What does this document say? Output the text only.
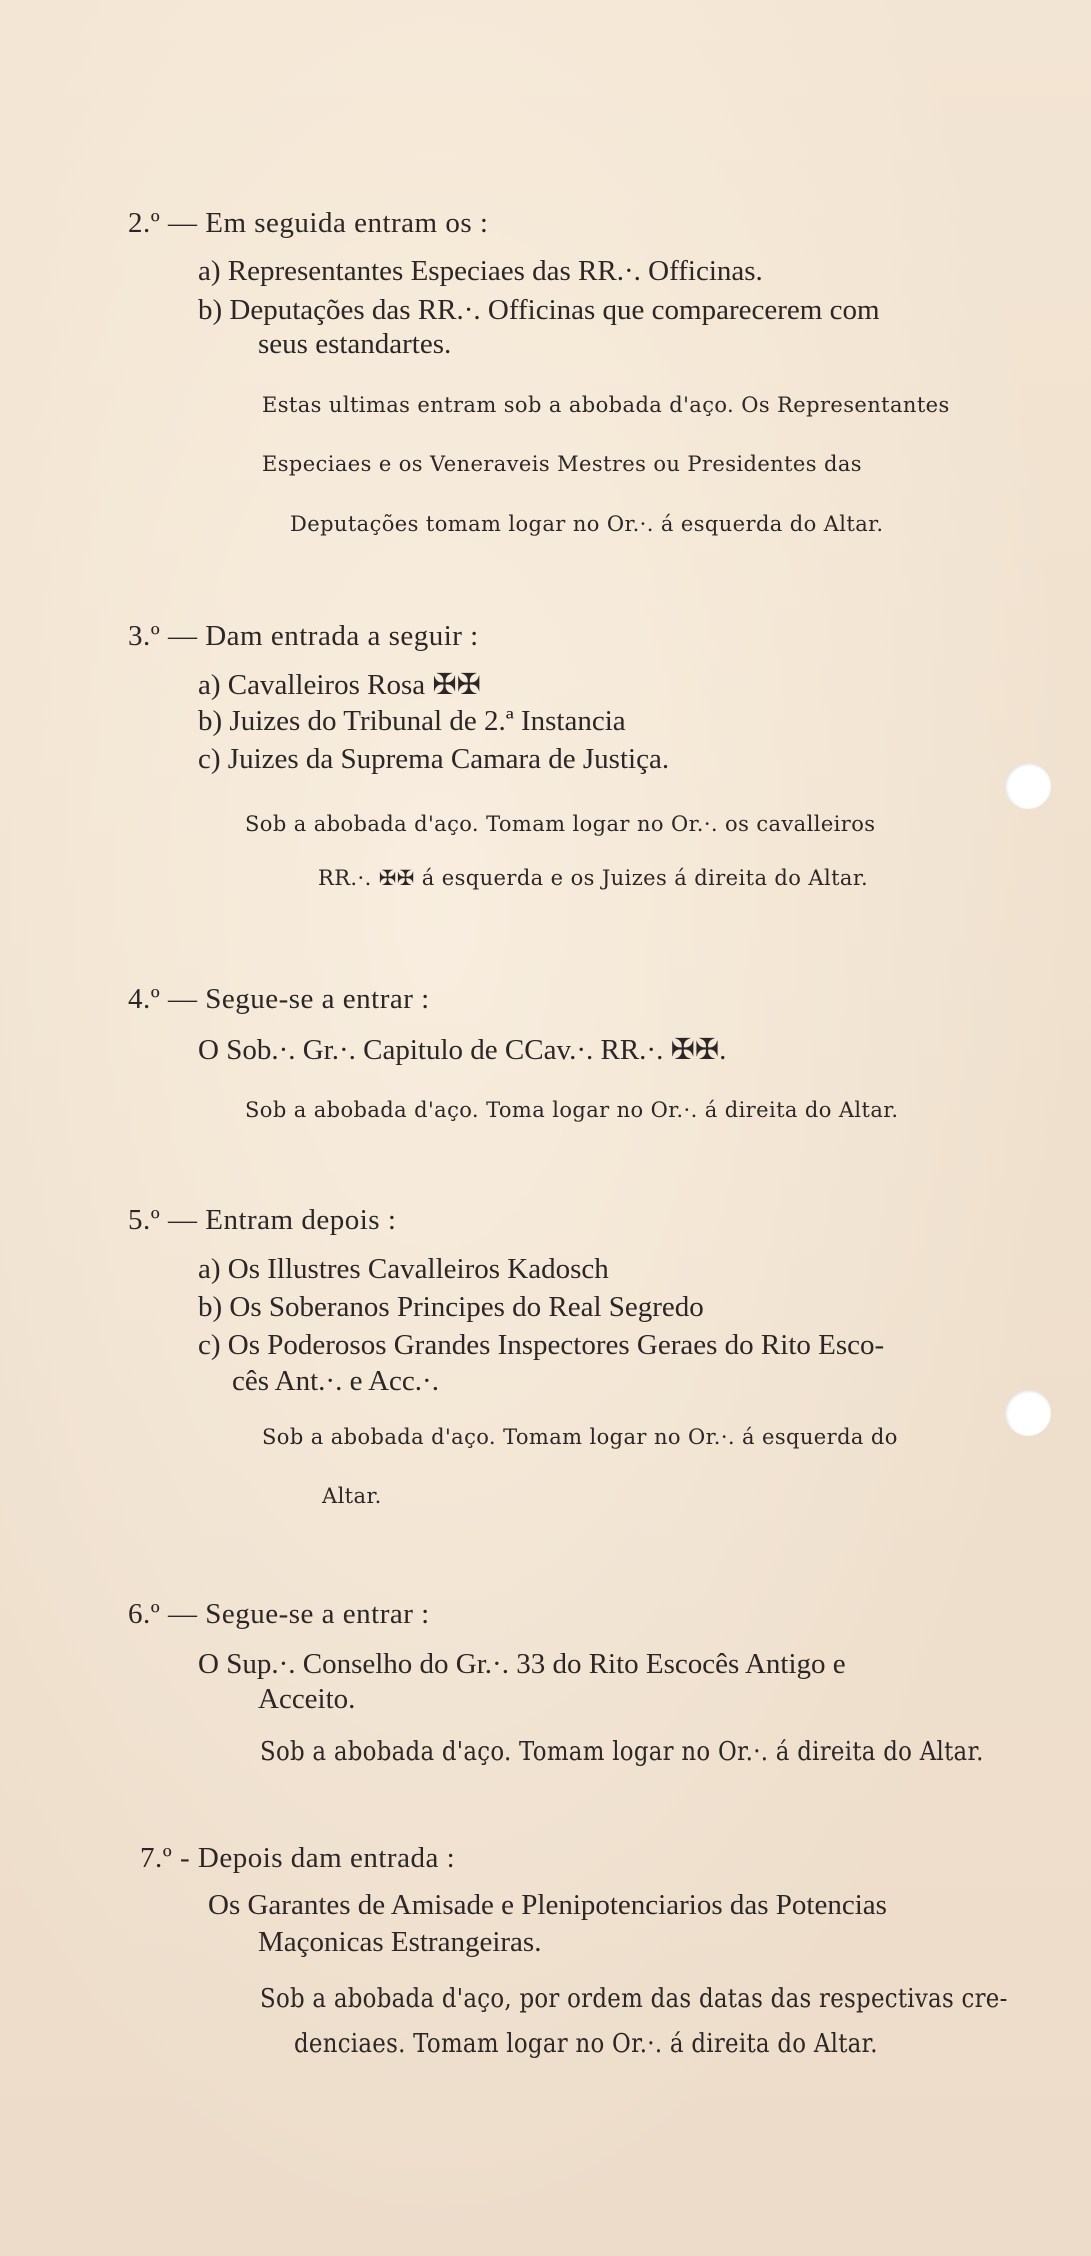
2.º — Em seguida entram os :
a) Representantes Especiaes das RR.·. Officinas.
b) Deputações das RR.·. Officinas que comparecerem com
seus estandartes.
Estas ultimas entram sob a abobada d'aço. Os Representantes
Especiaes e os Veneraveis Mestres ou Presidentes das
Deputações tomam logar no Or.·. á esquerda do Altar.
3.º — Dam entrada a seguir :
a) Cavalleiros Rosa ✠✠
b) Juizes do Tribunal de 2.ª Instancia
c) Juizes da Suprema Camara de Justiça.
Sob a abobada d'aço. Tomam logar no Or.·. os cavalleiros
RR.·. ✠✠ á esquerda e os Juizes á direita do Altar.
4.º — Segue-se a entrar :
O Sob.·. Gr.·. Capitulo de CCav.·. RR.·. ✠✠.
Sob a abobada d'aço. Toma logar no Or.·. á direita do Altar.
5.º — Entram depois :
a) Os Illustres Cavalleiros Kadosch
b) Os Soberanos Principes do Real Segredo
c) Os Poderosos Grandes Inspectores Geraes do Rito Esco-
cês Ant.·. e Acc.·.
Sob a abobada d'aço. Tomam logar no Or.·. á esquerda do
Altar.
6.º — Segue-se a entrar :
O Sup.·. Conselho do Gr.·. 33 do Rito Escocês Antigo e
Acceito.
Sob a abobada d'aço. Tomam logar no Or.·. á direita do Altar.
7.º - Depois dam entrada :
Os Garantes de Amisade e Plenipotenciarios das Potencias
Maçonicas Estrangeiras.
Sob a abobada d'aço, por ordem das datas das respectivas cre-
denciaes. Tomam logar no Or.·. á direita do Altar.
